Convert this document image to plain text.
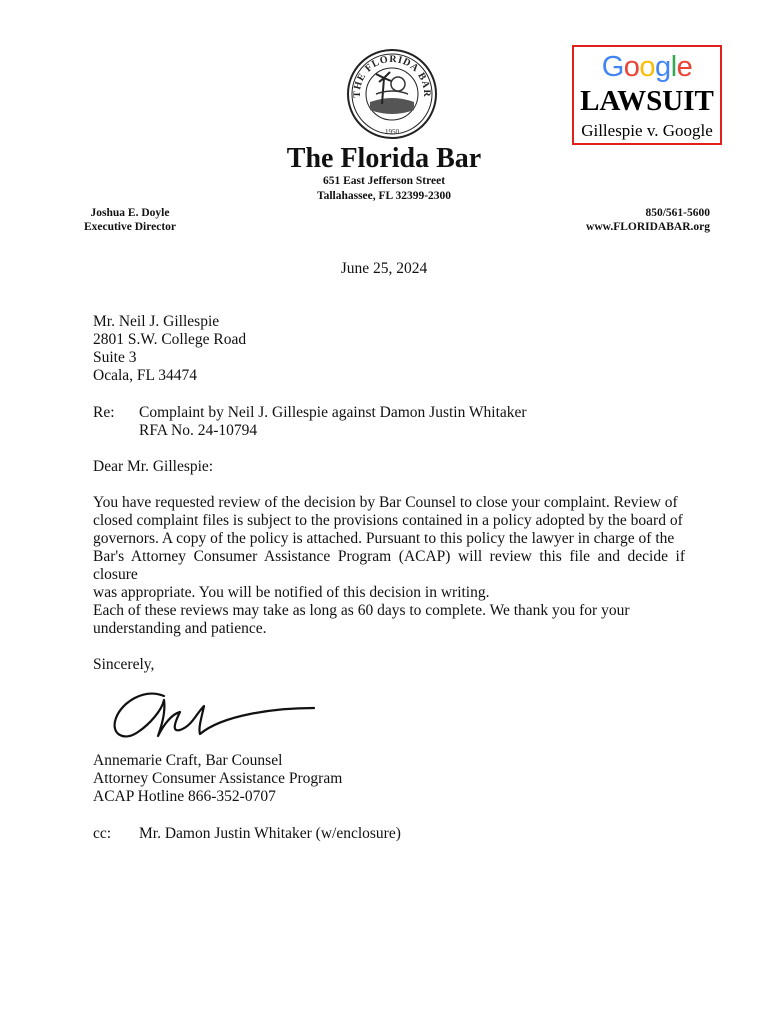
THE FLORIDA BAR
1950
Google
LAWSUIT
Gillespie v. Google
The Florida Bar
651 East Jefferson Street
Tallahassee, FL 32399-2300
Joshua E. Doyle
Executive Director
850/561-5600
www.FLORIDABAR.org
June 25, 2024
Mr. Neil J. Gillespie
2801 S.W. College Road
Suite 3
Ocala, FL 34474
Re: Complaint by Neil J. Gillespie against Damon Justin Whitaker
RFA No. 24-10794
Dear Mr. Gillespie:
You have requested review of the decision by Bar Counsel to close your complaint. Review of
closed complaint files is subject to the provisions contained in a policy adopted by the board of
governors. A copy of the policy is attached. Pursuant to this policy the lawyer in charge of the
Bar's Attorney Consumer Assistance Program (ACAP) will review this file and decide if closure
was appropriate. You will be notified of this decision in writing.
Each of these reviews may take as long as 60 days to complete. We thank you for your
understanding and patience.
Sincerely,
Annemarie Craft, Bar Counsel
Attorney Consumer Assistance Program
ACAP Hotline 866-352-0707
cc: Mr. Damon Justin Whitaker (w/enclosure)
